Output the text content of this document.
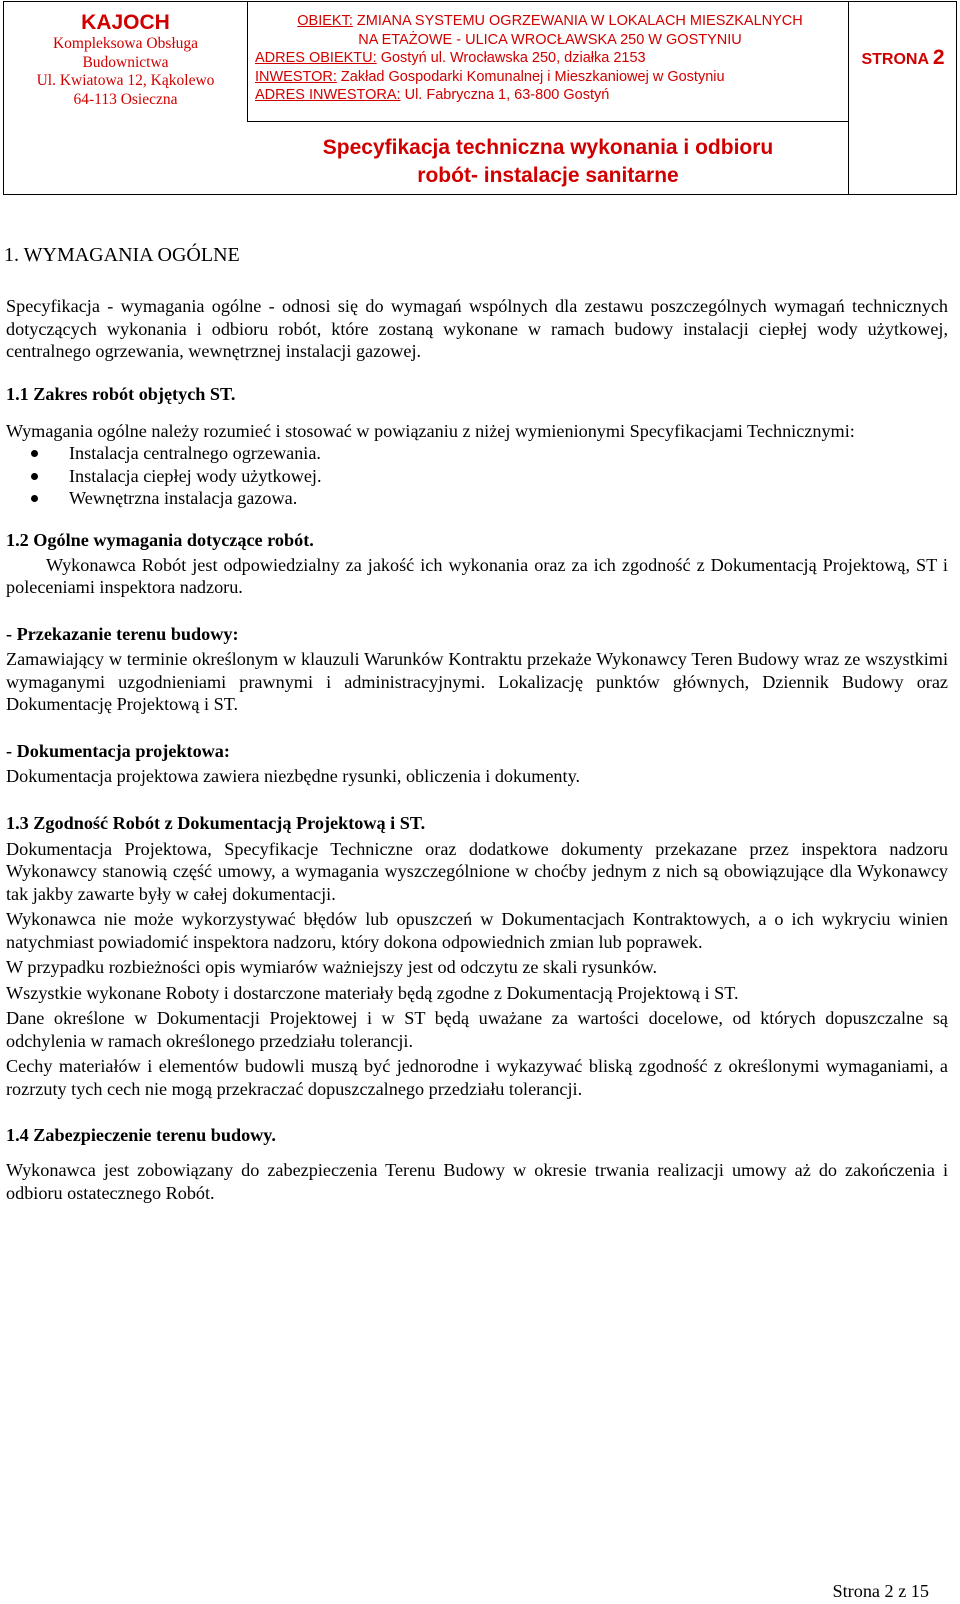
KAJOCH
Kompleksowa Obsługa
Budownictwa
Ul. Kwiatowa 12, Kąkolewo
64-113 Osieczna
OBIEKT: ZMIANA SYSTEMU OGRZEWANIA W LOKALACH MIESZKALNYCH
NA ETAŻOWE - ULICA WROCŁAWSKA 250 W GOSTYNIU
ADRES OBIEKTU: Gostyń ul. Wrocławska 250, działka 2153
INWESTOR: Zakład Gospodarki Komunalnej i Mieszkaniowej w Gostyniu
ADRES INWESTORA: Ul. Fabryczna 1, 63-800 Gostyń
STRONA 2
Specyfikacja techniczna wykonania i odbioru
robót- instalacje sanitarne
1. WYMAGANIA OGÓLNE

Specyfikacja - wymagania ogólne - odnosi się do wymagań wspólnych dla zestawu poszczególnych wymagań technicznych dotyczących wykonania i odbioru robót, które zostaną wykonane w ramach budowy instalacji ciepłej wody użytkowej, centralnego ogrzewania, wewnętrznej instalacji gazowej.

1.1 Zakres robót objętych ST.

Wymagania ogólne należy rozumieć i stosować w powiązaniu z niżej wymienionymi Specyfikacjami Technicznymi:

Instalacja centralnego ogrzewania.
Instalacja ciepłej wody użytkowej.
Wewnętrzna instalacja gazowa.
1.2 Ogólne wymagania dotyczące robót.

Wykonawca Robót jest odpowiedzialny za jakość ich wykonania oraz za ich zgodność z Dokumentacją Projektową, ST i poleceniami inspektora nadzoru.

- Przekazanie terenu budowy:

Zamawiający w terminie określonym w klauzuli Warunków Kontraktu przekaże Wykonawcy Teren Budowy wraz ze wszystkimi wymaganymi uzgodnieniami prawnymi i administracyjnymi. Lokalizację punktów głównych, Dziennik Budowy oraz Dokumentację Projektową i ST.

- Dokumentacja projektowa:

Dokumentacja projektowa zawiera niezbędne rysunki, obliczenia i dokumenty.

1.3 Zgodność Robót z Dokumentacją Projektową i ST.

Dokumentacja Projektowa, Specyfikacje Techniczne oraz dodatkowe dokumenty przekazane przez inspektora nadzoru Wykonawcy stanowią część umowy, a wymagania wyszczególnione w choćby jednym z nich są obowiązujące dla Wykonawcy tak jakby zawarte były w całej dokumentacji.

Wykonawca nie może wykorzystywać błędów lub opuszczeń w Dokumentacjach Kontraktowych, a o ich wykryciu winien natychmiast powiadomić inspektora nadzoru, który dokona odpowiednich zmian lub poprawek.

W przypadku rozbieżności opis wymiarów ważniejszy jest od odczytu ze skali rysunków.

Wszystkie wykonane Roboty i dostarczone materiały będą zgodne z Dokumentacją Projektową i ST.

Dane określone w Dokumentacji Projektowej i w ST będą uważane za wartości docelowe, od których dopuszczalne są odchylenia w ramach określonego przedziału tolerancji.

Cechy materiałów i elementów budowli muszą być jednorodne i wykazywać bliską zgodność z określonymi wymaganiami, a rozrzuty tych cech nie mogą przekraczać dopuszczalnego przedziału tolerancji.

1.4 Zabezpieczenie terenu budowy.

Wykonawca jest zobowiązany do zabezpieczenia Terenu Budowy w okresie trwania realizacji umowy aż do zakończenia i odbioru ostatecznego Robót.

Strona 2 z 15
